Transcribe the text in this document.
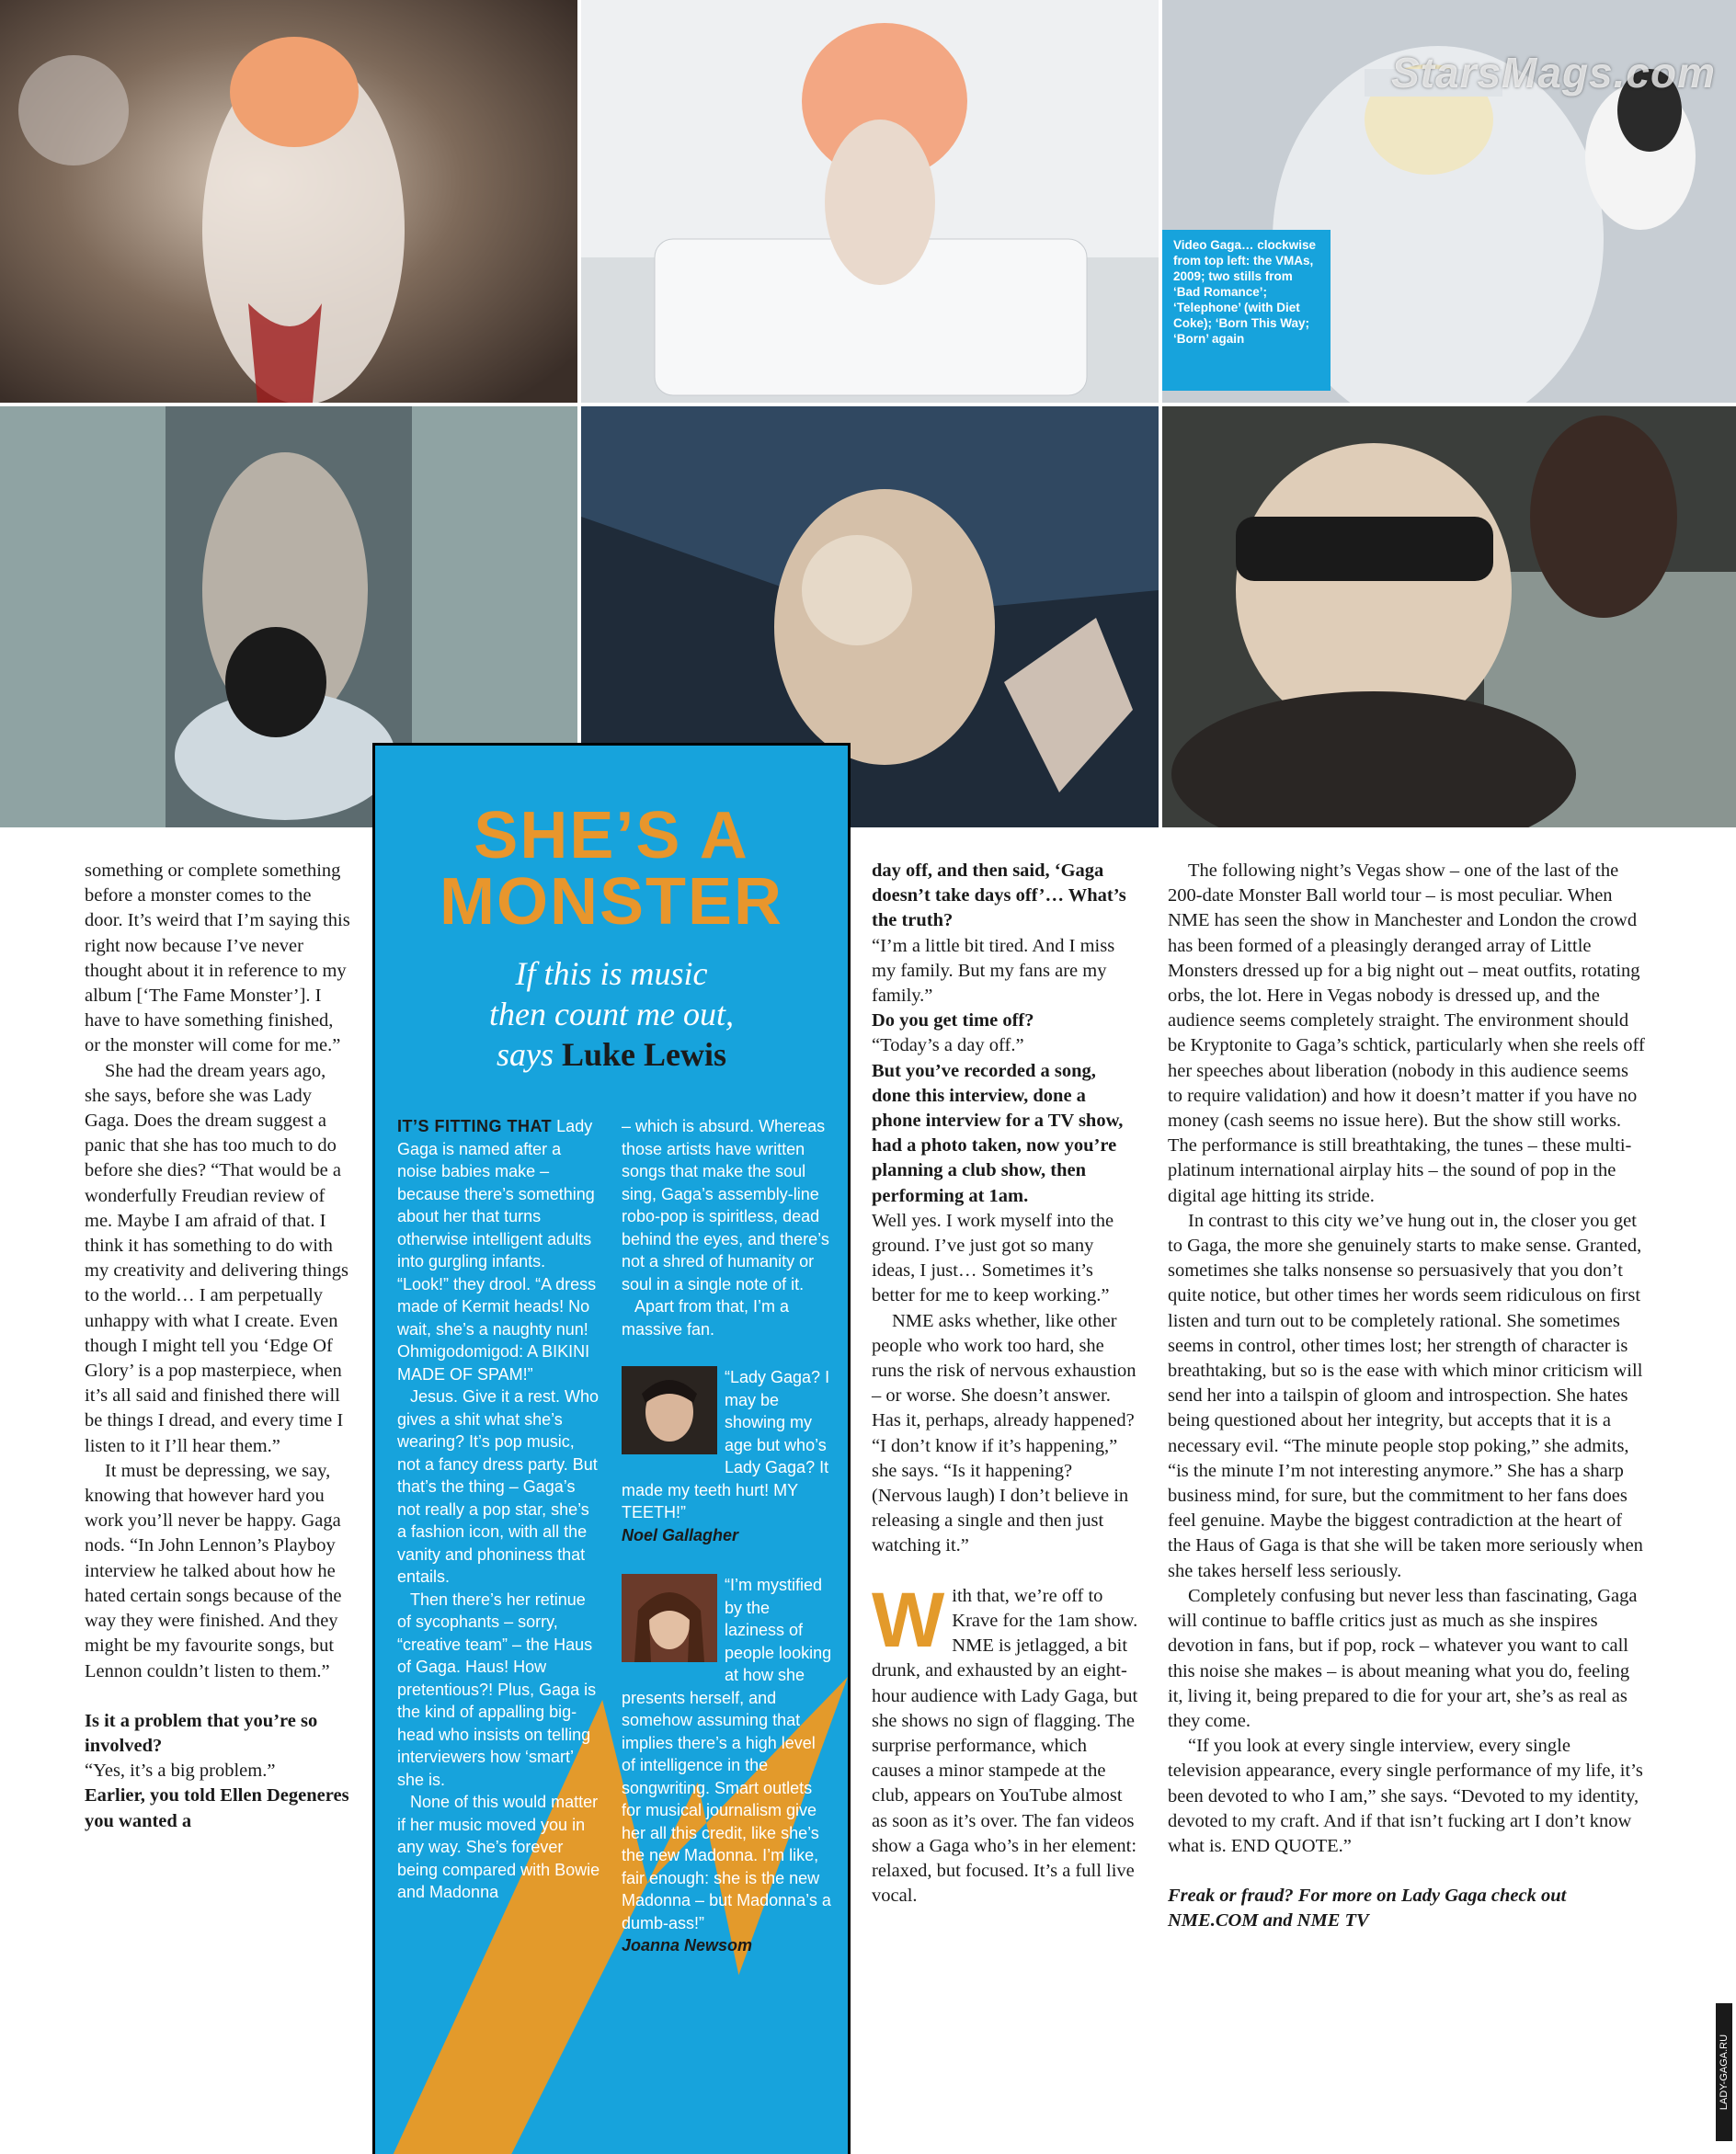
StarsMags.com
Video Gaga… clockwise from top left: the VMAs, 2009; two stills from ‘Bad Romance’; ‘Telephone’ (with Diet Coke); ‘Born This Way; ‘Born’ again

something or complete something before a monster comes to the door. It’s weird that I’m saying this right now because I’ve never thought about it in reference to my album [‘The Fame Monster’]. I have to have something finished, or the monster will come for me.”

She had the dream years ago, she says, before she was Lady Gaga. Does the dream suggest a panic that she has too much to do before she dies? “That would be a wonderfully Freudian review of me. Maybe I am afraid of that. I think it has something to do with my creativity and delivering things to the world… I am perpetually unhappy with what I create. Even though I might tell you ‘Edge Of Glory’ is a pop masterpiece, when it’s all said and finished there will be things I dread, and every time I listen to it I’ll hear them.”

It must be depressing, we say, knowing that however hard you work you’ll never be happy. Gaga nods. “In John Lennon’s Playboy interview he talked about how he hated certain songs because of the way they were finished. And they might be my favourite songs, but Lennon couldn’t listen to them.”

Is it a problem that you’re so involved?

“Yes, it’s a big problem.”

Earlier, you told Ellen Degeneres you wanted a

SHE’S A
MONSTER
If this is music
then count me out,
says Luke Lewis

IT’S FITTING THAT Lady Gaga is named after a noise babies make – because there’s something about her that turns otherwise intelligent adults into gurgling infants. “Look!” they drool. “A dress made of Kermit heads! No wait, she’s a naughty nun! Ohmigodomigod: A BIKINI MADE OF SPAM!”

Jesus. Give it a rest. Who gives a shit what she’s wearing? It’s pop music, not a fancy dress party. But that’s the thing – Gaga’s not really a pop star, she’s a fashion icon, with all the vanity and phoniness that entails.

Then there’s her retinue of sycophants – sorry, “creative team” – the Haus of Gaga. Haus! How pretentious?! Plus, Gaga is the kind of appalling big-head who insists on telling interviewers how ‘smart’ she is.

None of this would matter if her music moved you in any way. She’s forever being compared with Bowie and Madonna

– which is absurd. Whereas those artists have written songs that make the soul sing, Gaga’s assembly-line robo-pop is spiritless, dead behind the eyes, and there’s not a shred of humanity or soul in a single note of it.

Apart from that, I’m a massive fan.

“Lady Gaga? I may be showing my age but who’s Lady Gaga? It made my teeth hurt! MY TEETH!”

Noel Gallagher

“I’m mystified by the laziness of people looking at how she presents herself, and somehow assuming that implies there’s a high level of intelligence in the songwriting. Smart outlets for musical journalism give her all this credit, like she’s the new Madonna. I’m like, fair enough: she is the new Madonna – but Madonna’s a dumb-ass!”

Joanna Newsom

day off, and then said, ‘Gaga doesn’t take days off’… What’s the truth?

“I’m a little bit tired. And I miss my family. But my fans are my family.”

Do you get time off?

“Today’s a day off.”

But you’ve recorded a song, done this interview, done a phone interview for a TV show, had a photo taken, now you’re planning a club show, then performing at 1am.

Well yes. I work myself into the ground. I’ve just got so many ideas, I just… Sometimes it’s better for me to keep working.”

NME asks whether, like other people who work too hard, she runs the risk of nervous exhaustion – or worse. She doesn’t answer. Has it, perhaps, already happened? “I don’t know if it’s happening,” she says. “Is it happening? (Nervous laugh) I don’t believe in releasing a single and then just watching it.”

With that, we’re off to Krave for the 1am show. NME is jetlagged, a bit drunk, and exhausted by an eight-hour audience with Lady Gaga, but she shows no sign of flagging. The surprise performance, which causes a minor stampede at the club, appears on YouTube almost as soon as it’s over. The fan videos show a Gaga who’s in her element: relaxed, but focused. It’s a full live vocal.

The following night’s Vegas show – one of the last of the 200-date Monster Ball world tour – is most peculiar. When NME has seen the show in Manchester and London the crowd has been formed of a pleasingly deranged array of Little Monsters dressed up for a big night out – meat outfits, rotating orbs, the lot. Here in Vegas nobody is dressed up, and the audience seems completely straight. The environment should be Kryptonite to Gaga’s schtick, particularly when she reels off her speeches about liberation (nobody in this audience seems to require validation) and how it doesn’t matter if you have no money (cash seems no issue here). But the show still works. The performance is still breathtaking, the tunes – these multi-platinum international airplay hits – the sound of pop in the digital age hitting its stride.

In contrast to this city we’ve hung out in, the closer you get to Gaga, the more she genuinely starts to make sense. Granted, sometimes she talks nonsense so persuasively that you don’t quite notice, but other times her words seem ridiculous on first listen and turn out to be completely rational. She sometimes seems in control, other times lost; her strength of character is breathtaking, but so is the ease with which minor criticism will send her into a tailspin of gloom and introspection. She hates being questioned about her integrity, but accepts that it is a necessary evil. “The minute people stop poking,” she admits, “is the minute I’m not interesting anymore.” She has a sharp business mind, for sure, but the commitment to her fans does feel genuine. Maybe the biggest contradiction at the heart of the Haus of Gaga is that she will be taken more seriously when she takes herself less seriously.

Completely confusing but never less than fascinating, Gaga will continue to baffle critics just as much as she inspires devotion in fans, but if pop, rock – whatever you want to call this noise she makes – is about meaning what you do, feeling it, living it, being prepared to die for your art, she’s as real as they come.

“If you look at every single interview, every single television appearance, every single performance of my life, it’s been devoted to who I am,” she says. “Devoted to my identity, devoted to my craft. And if that isn’t fucking art I don’t know what is. END QUOTE.”

Freak or fraud? For more on Lady Gaga check out NME.COM and NME TV

LADY-GAGA.RU
